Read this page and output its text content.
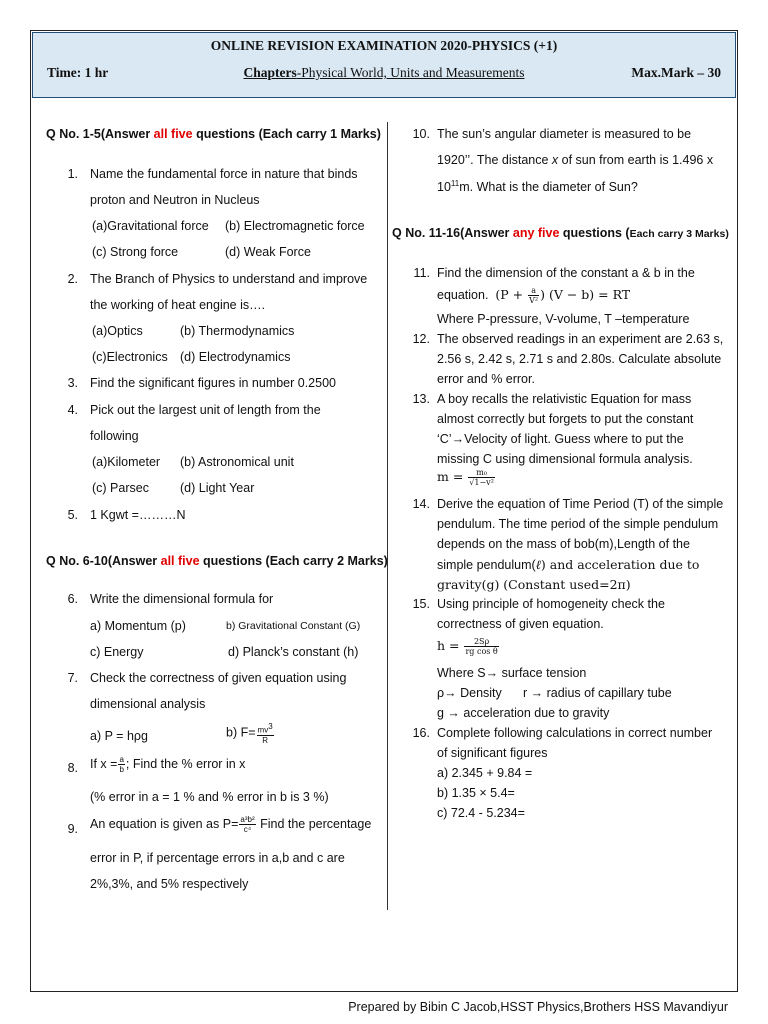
ONLINE REVISION EXAMINATION 2020-PHYSICS (+1)
Time: 1 hr	Chapters-Physical World, Units and Measurements	Max.Mark – 30
Q No. 1-5(Answer all five questions (Each carry 1 Marks)
1. Name the fundamental force in nature that binds
proton and Neutron in Nucleus
(a)Gravitational force (b) Electromagnetic force
(c) Strong force	(d) Weak Force
2. The Branch of Physics to understand and improve
the working of heat engine is….
(a)Optics	(b) Thermodynamics
(c)Electronics (d) Electrodynamics
3. Find the significant figures in number 0.2500
4. Pick out the largest unit of length from the
following
(a)Kilometer (b) Astronomical unit
(c) Parsec (d) Light Year
5. 1 Kgwt =………N
Q No. 6-10(Answer all five questions (Each carry 2 Marks)
6. Write the dimensional formula for
a) Momentum (p)	b) Gravitational Constant (G)
c) Energy	d) Planck’s constant (h)
7. Check the correctness of given equation using
dimensional analysis
a) P = hρg	b) $F= \frac{mv^3}{R}$
8. If $x = \frac{a}{b}$ ; Find the % error in x
(% error in a = 1 % and % error in b is 3 %)
9. An equation is given as $P= \frac{\text{a³b²}}{\text{c⁴}}$ Find the percentage
error in P, if percentage errors in a,b and c are
2%,3%, and 5% respectively
10. The sun’s angular diameter is measured to be
1920’’. The distance x of sun from earth is 1.496 x
$10^{11}m$. What is the diameter of Sun?
Q No. 11-16(Answer any five questions (Each carry 3 Marks)
11. Find the dimension of the constant a & b in the
equation. ($P + \frac{a}{\text{V²}}$ ) (V − b) = RT
Where P-pressure, V-volume, T –temperature
12. The observed readings in an experiment are 2.63 s,
2.56 s, 2.42 s, 2.71 s and 2.80s. Calculate absolute
error and % error.
13. A boy recalls the relativistic Equation for mass
almost correctly but forgets to put the constant
‘C’→Velocity of light. Guess where to put the
missing C using dimensional formula analysis.
$m = \frac{\text{m₀}}{\text{√1−v²}}$
14. Derive the equation of Time Period (T) of the simple
pendulum. The time period of the simple pendulum
depends on the mass of bob(m),Length of the
simple pendulum(ℓ) and acceleration due to
gravity(g) (Constant used=2π)
15. Using principle of homogeneity check the
correctness of given equation.
$h = \frac{2S\rho}{\text{rg cos θ}}$
Where S→ surface tension
ρ→ Density r → radius of capillary tube
g → acceleration due to gravity
16. Complete following calculations in correct number
of significant figures
a) 2.345 + 9.84 =
b) 1.35 × 5.4=
c) 72.4 - 5.234=
Prepared by Bibin C Jacob,HSST Physics,Brothers HSS Mavandiyur
